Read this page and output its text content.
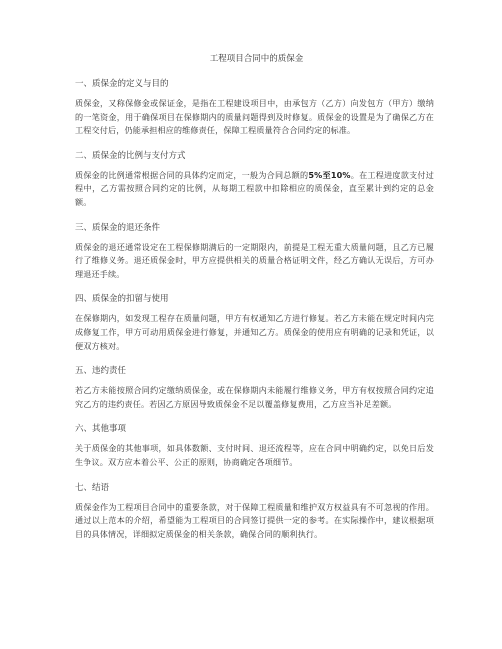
工程项目合同中的质保金
一、质保金的定义与目的
质保金，又称保修金或保证金，是指在工程建设项目中，由承包方（乙方）向发包方（甲方）缴纳的一笔资金，用于确保项目在保修期内的质量问题得到及时修复。质保金的设置是为了确保乙方在工程交付后，仍能承担相应的维修责任，保障工程质量符合合同约定的标准。
二、质保金的比例与支付方式
质保金的比例通常根据合同的具体约定而定，一般为合同总额的5%至10%。在工程进度款支付过程中，乙方需按照合同约定的比例，从每期工程款中扣除相应的质保金，直至累计到约定的总金额。
三、质保金的退还条件
质保金的退还通常设定在工程保修期满后的一定期限内，前提是工程无重大质量问题，且乙方已履行了维修义务。退还质保金时，甲方应提供相关的质量合格证明文件，经乙方确认无误后，方可办理退还手续。
四、质保金的扣留与使用
在保修期内，如发现工程存在质量问题，甲方有权通知乙方进行修复。若乙方未能在规定时间内完成修复工作，甲方可动用质保金进行修复，并通知乙方。质保金的使用应有明确的记录和凭证，以便双方核对。
五、违约责任
若乙方未能按照合同约定缴纳质保金，或在保修期内未能履行维修义务，甲方有权按照合同约定追究乙方的违约责任。若因乙方原因导致质保金不足以覆盖修复费用，乙方应当补足差额。
六、其他事项
关于质保金的其他事项，如具体数额、支付时间、退还流程等，应在合同中明确约定，以免日后发生争议。双方应本着公平、公正的原则，协商确定各项细节。
七、结语
质保金作为工程项目合同中的重要条款，对于保障工程质量和维护双方权益具有不可忽视的作用。通过以上范本的介绍，希望能为工程项目的合同签订提供一定的参考。在实际操作中，建议根据项目的具体情况，详细拟定质保金的相关条款，确保合同的顺利执行。
